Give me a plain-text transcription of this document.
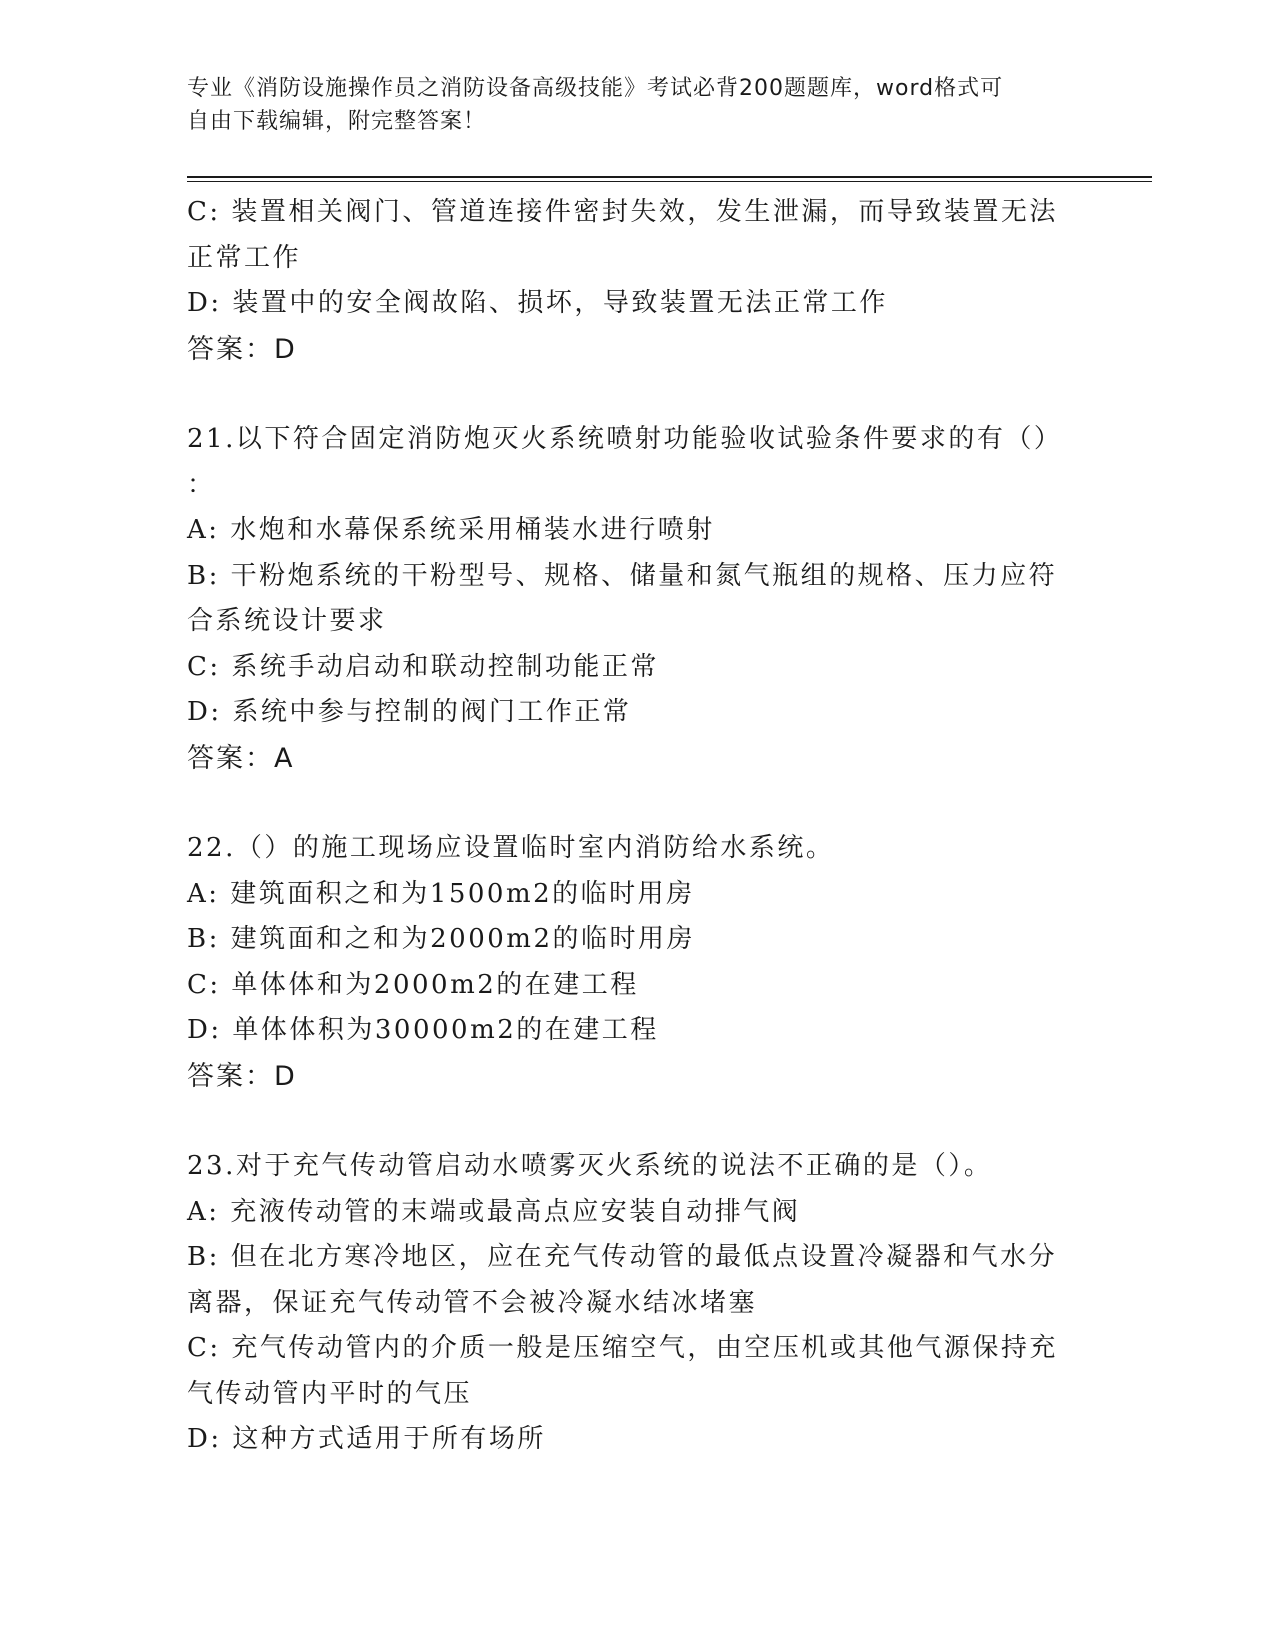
专业《消防设施操作员之消防设备高级技能》考试必背200题题库，word格式可
自由下载编辑，附完整答案！

C: 装置相关阀门、管道连接件密封失效，发生泄漏，而导致装置无法

正常工作

D: 装置中的安全阀故陷、损坏，导致装置无法正常工作

答案：D

21.以下符合固定消防炮灭火系统喷射功能验收试验条件要求的有（）

：

A: 水炮和水幕保系统采用桶装水进行喷射

B: 干粉炮系统的干粉型号、规格、储量和氮气瓶组的规格、压力应符

合系统设计要求

C: 系统手动启动和联动控制功能正常

D: 系统中参与控制的阀门工作正常

答案：A

22.（）的施工现场应设置临时室内消防给水系统。

A: 建筑面积之和为1500m2的临时用房

B: 建筑面和之和为2000m2的临时用房

C: 单体体和为2000m2的在建工程

D: 单体体积为30000m2的在建工程

答案：D

23.对于充气传动管启动水喷雾灭火系统的说法不正确的是（）。

A: 充液传动管的末端或最高点应安装自动排气阀

B: 但在北方寒冷地区，应在充气传动管的最低点设置冷凝器和气水分

离器，保证充气传动管不会被冷凝水结冰堵塞

C: 充气传动管内的介质一般是压缩空气，由空压机或其他气源保持充

气传动管内平时的气压

D: 这种方式适用于所有场所
